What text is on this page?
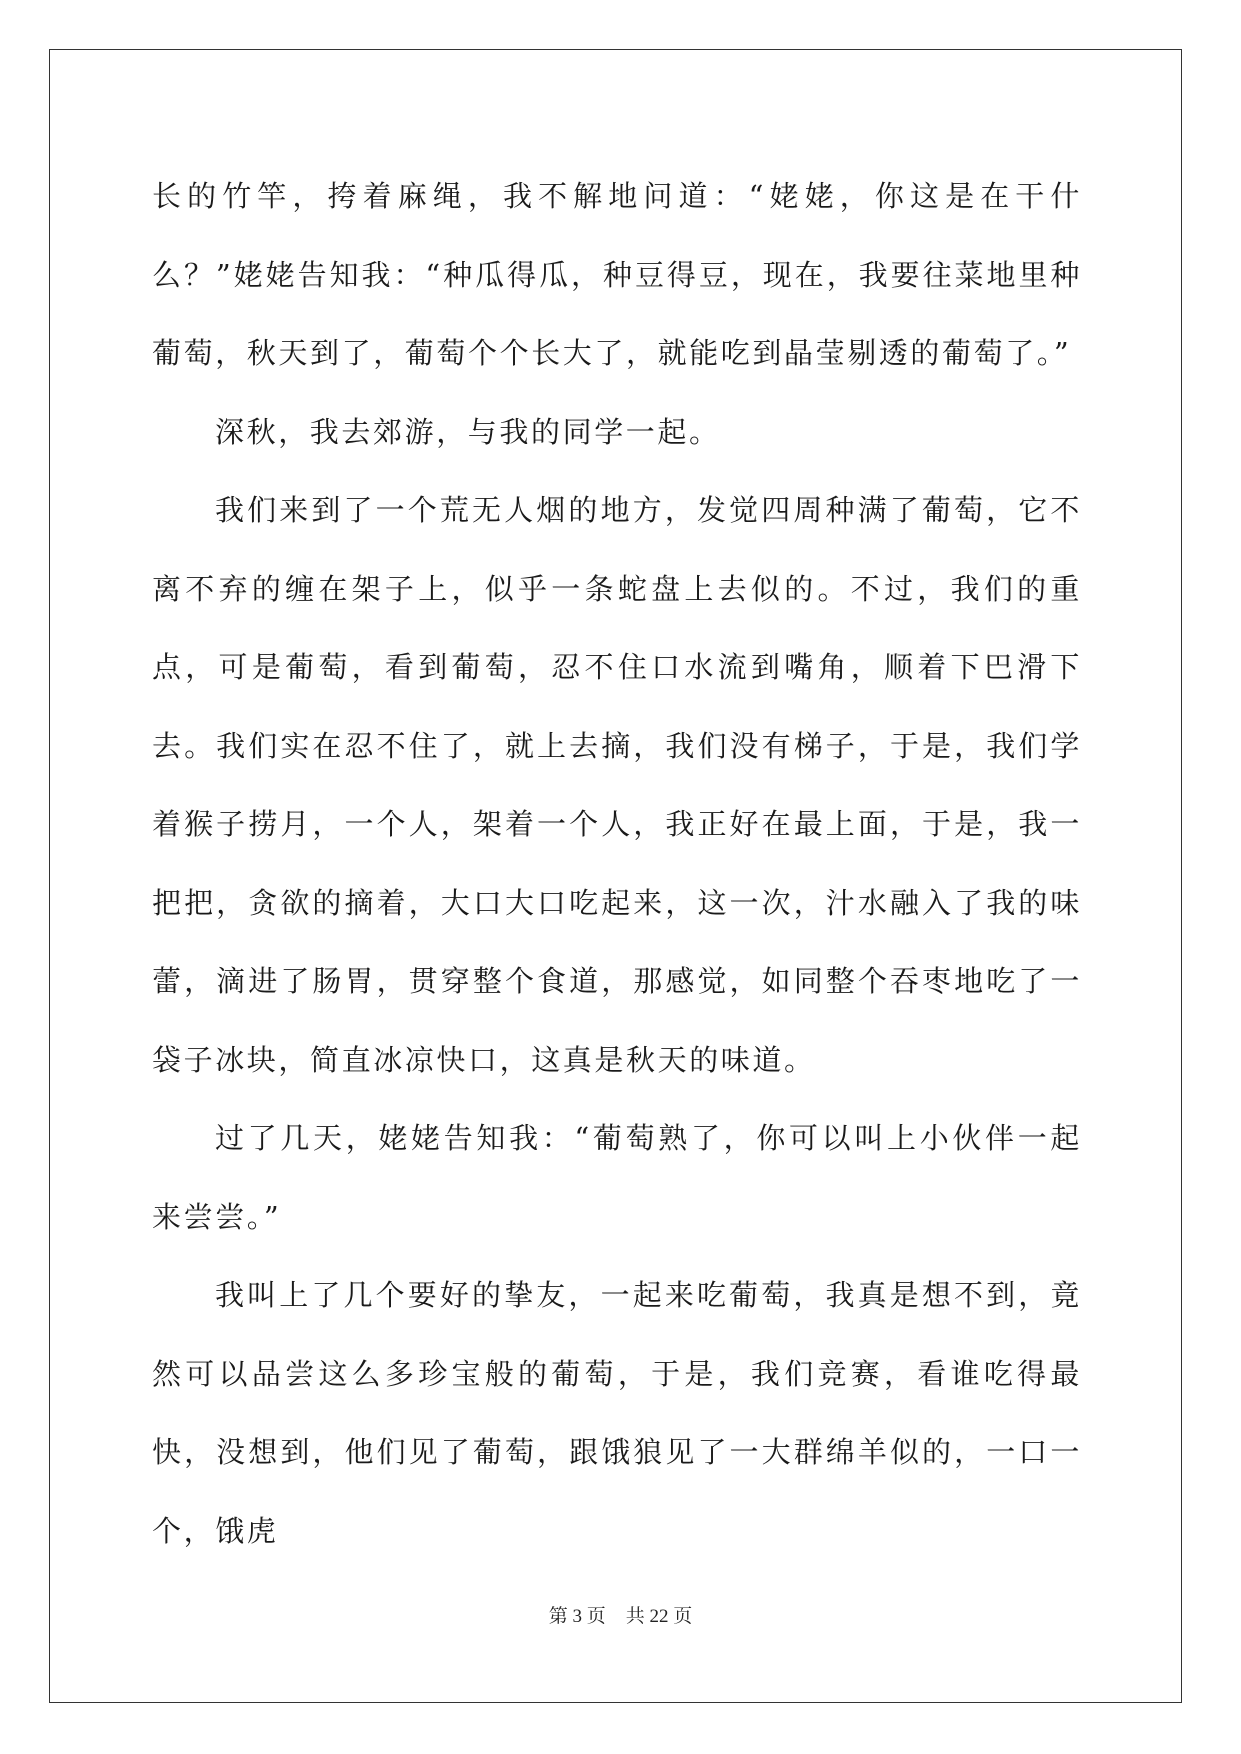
长的竹竿，挎着麻绳，我不解地问道：“姥姥，你这是在干什么？”姥姥告知我：“种瓜得瓜，种豆得豆，现在，我要往菜地里种葡萄，秋天到了，葡萄个个长大了，就能吃到晶莹剔透的葡萄了。”

深秋，我去郊游，与我的同学一起。

我们来到了一个荒无人烟的地方，发觉四周种满了葡萄，它不离不弃的缠在架子上，似乎一条蛇盘上去似的。不过，我们的重点，可是葡萄，看到葡萄，忍不住口水流到嘴角，顺着下巴滑下去。我们实在忍不住了，就上去摘，我们没有梯子，于是，我们学着猴子捞月，一个人，架着一个人，我正好在最上面，于是，我一把把，贪欲的摘着，大口大口吃起来，这一次，汁水融入了我的味蕾，滴进了肠胃，贯穿整个食道，那感觉，如同整个吞枣地吃了一袋子冰块，简直冰凉快口，这真是秋天的味道。

过了几天，姥姥告知我：“葡萄熟了，你可以叫上小伙伴一起来尝尝。”

我叫上了几个要好的挚友，一起来吃葡萄，我真是想不到，竟然可以品尝这么多珍宝般的葡萄，于是，我们竞赛，看谁吃得最快，没想到，他们见了葡萄，跟饿狼见了一大群绵羊似的，一口一个，饿虎

第 3 页 共 22 页
